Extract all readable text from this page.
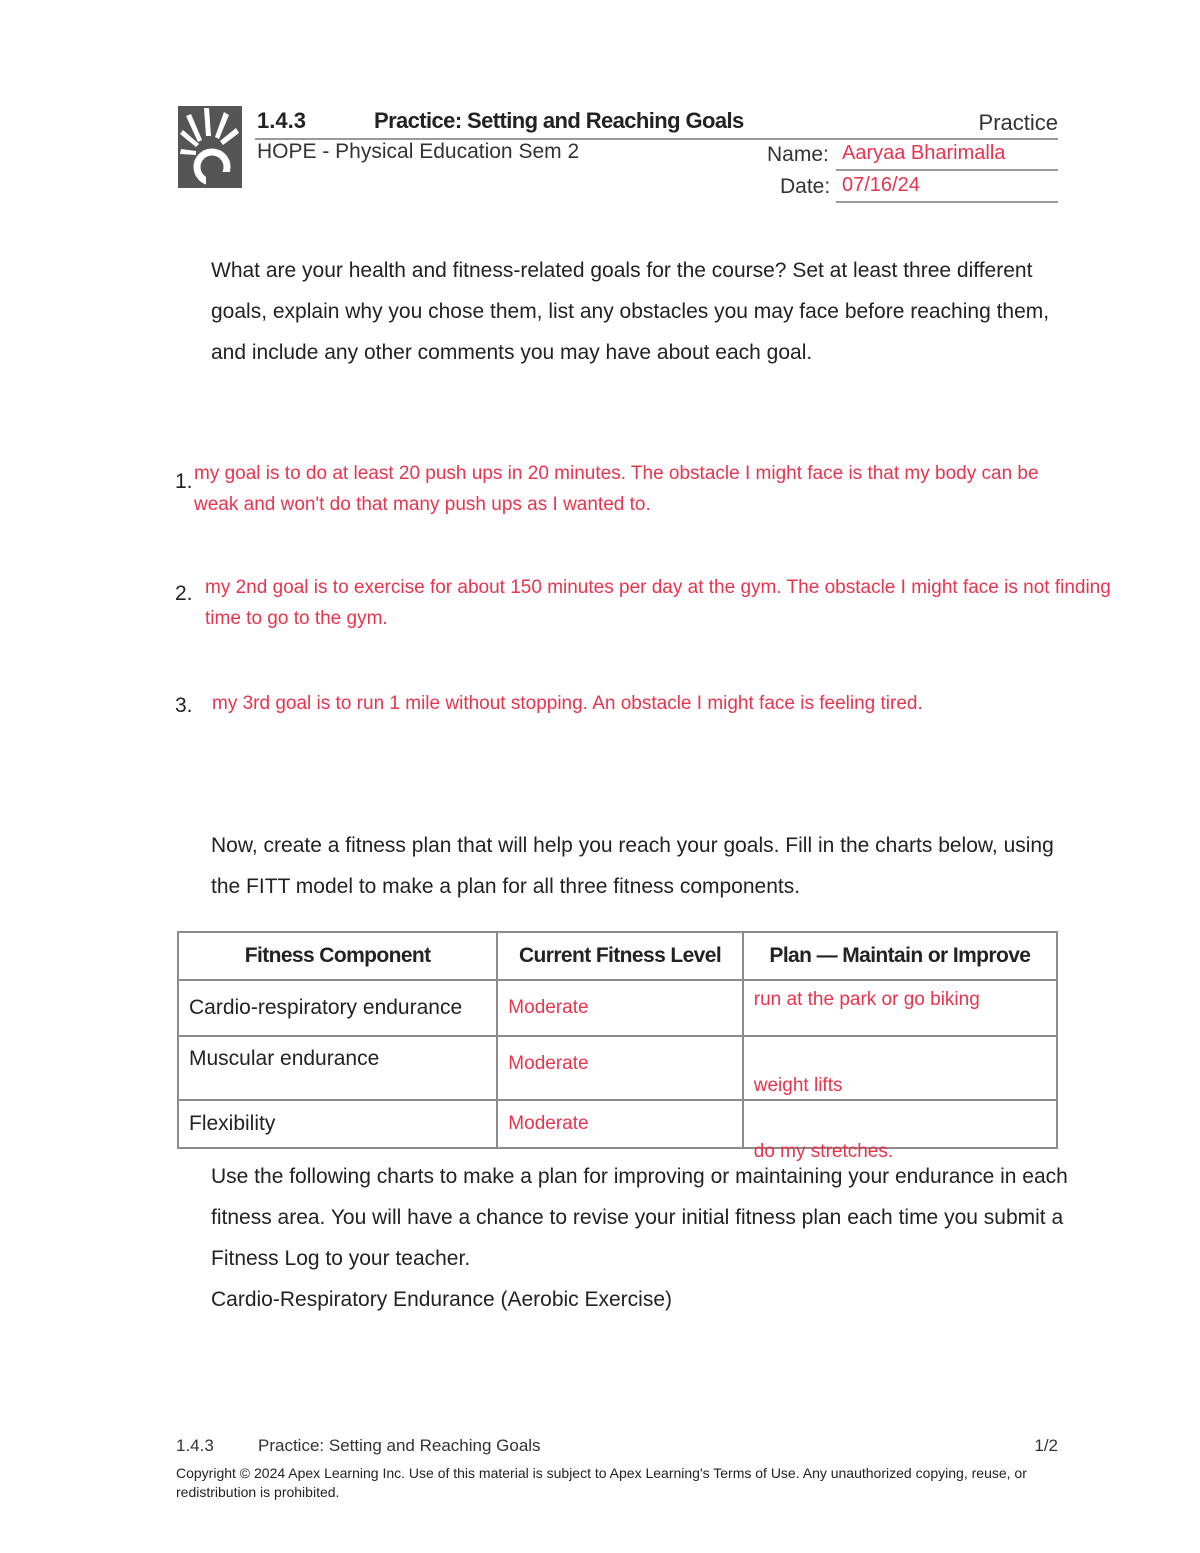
1.4.3	Practice: Setting and Reaching Goals	Practice
HOPE - Physical Education Sem 2	Name: Aaryaa Bharimalla
Date: 07/16/24
What are your health and fitness-related goals for the course? Set at least three different goals, explain why you chose them, list any obstacles you may face before reaching them, and include any other comments you may have about each goal.
1. my goal is to do at least 20 push ups in 20 minutes. The obstacle I might face is that my body can be
weak and won't do that many push ups as I wanted to.
2. my 2nd goal is to exercise for about 150 minutes per day at the gym. The obstacle I might face is not finding
time to go to the gym.
3. my 3rd goal is to run 1 mile without stopping. An obstacle I might face is feeling tired.
Now, create a fitness plan that will help you reach your goals. Fill in the charts below, using the FITT model to make a plan for all three fitness components.
Fitness Component	Current Fitness Level	Plan — Maintain or Improve
Cardio-respiratory endurance	Moderate	run at the park or go biking
Muscular endurance	Moderate	weight lifts
Flexibility	Moderate	do my stretches.
Use the following charts to make a plan for improving or maintaining your endurance in each fitness area. You will have a chance to revise your initial fitness plan each time you submit a Fitness Log to your teacher.
Cardio-Respiratory Endurance (Aerobic Exercise)
1.4.3	Practice: Setting and Reaching Goals	1/2
Copyright © 2024 Apex Learning Inc. Use of this material is subject to Apex Learning's Terms of Use. Any unauthorized copying, reuse, or redistribution is prohibited.
